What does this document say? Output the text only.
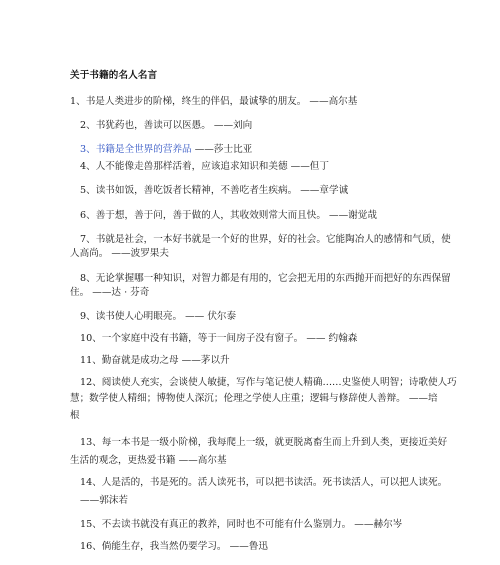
关于书籍的名人名言
1、书是人类进步的阶梯，终生的伴侣，最诚挚的朋友。 ——高尔基
2、书犹药也，善读可以医愚。 ——刘向
3、书籍是全世界的营养品 ——莎士比亚
4、人不能像走兽那样活着，应该追求知识和美德 ——但丁
5、读书如饭，善吃饭者长精神，不善吃者生疾病。 ——章学诚
6、善于想，善于问，善于做的人，其收效则常大而且快。 ——谢觉哉
7、书就是社会，一本好书就是一个好的世界，好的社会。它能陶冶人的感情和气质，使
人高尚。 ——波罗果夫
8、无论掌握哪一种知识，对智力都是有用的，它会把无用的东西抛开而把好的东西保留
住。 ——达 · 芬奇
9、读书使人心明眼亮。 —— 伏尔泰
10、一个家庭中没有书籍，等于一间房子没有窗子。 —— 约翰森
11、勤奋就是成功之母 ——茅以升
12、阅读使人充实，会谈使人敏捷，写作与笔记使人精确……史鉴使人明智；诗歌使人巧
慧；数学使人精细；博物使人深沉；伦理之学使人庄重；逻辑与修辞使人善辩。 ——培
根
13、每一本书是一级小阶梯，我每爬上一级，就更脱离畜生而上升到人类，更接近美好
生活的观念，更热爱书籍 ——高尔基
14、人是活的，书是死的。活人读死书，可以把书读活。死书读活人，可以把人读死。
——郭沫若
15、不去读书就没有真正的教养，同时也不可能有什么鉴别力。 ——赫尔岑
16、倘能生存，我当然仍要学习。 ——鲁迅
